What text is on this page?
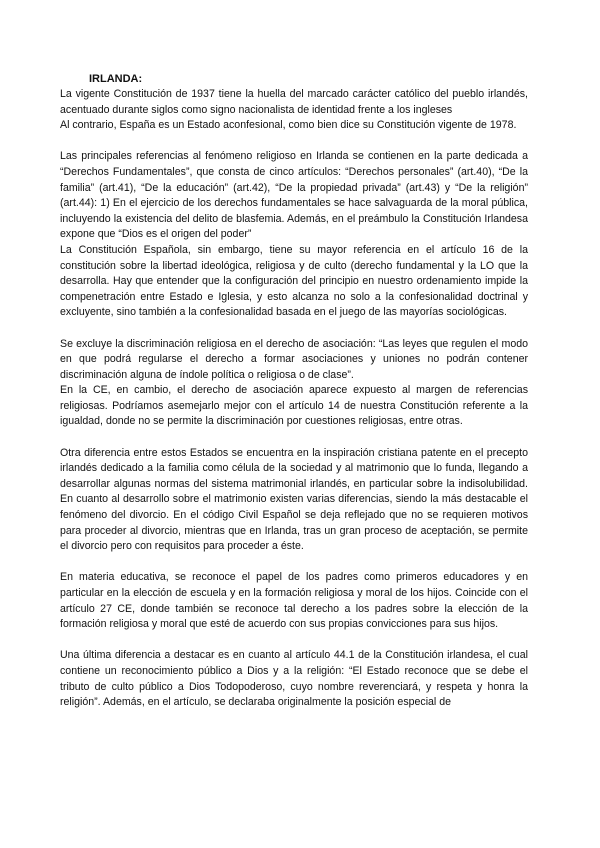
IRLANDA:

La vigente Constitución de 1937 tiene la huella del marcado carácter católico del pueblo irlandés, acentuado durante siglos como signo nacionalista de identidad frente a los ingleses

Al contrario, España es un Estado aconfesional, como bien dice su Constitución vigente de 1978.

Las principales referencias al fenómeno religioso en Irlanda se contienen en la parte dedicada a “Derechos Fundamentales”, que consta de cinco artículos: “Derechos personales” (art.40), “De la familia” (art.41), “De la educación” (art.42), “De la propiedad privada” (art.43) y “De la religión” (art.44): 1) En el ejercicio de los derechos fundamentales se hace salvaguarda de la moral pública, incluyendo la existencia del delito de blasfemia. Además, en el preámbulo la Constitución Irlandesa expone que “Dios es el origen del poder”

La Constitución Española, sin embargo, tiene su mayor referencia en el artículo 16 de la constitución sobre la libertad ideológica, religiosa y de culto (derecho fundamental y la LO que la desarrolla. Hay que entender que la configuración del principio en nuestro ordenamiento impide la compenetración entre Estado e Iglesia, y esto alcanza no solo a la confesionalidad doctrinal y excluyente, sino también a la confesionalidad basada en el juego de las mayorías sociológicas.

Se excluye la discriminación religiosa en el derecho de asociación: “Las leyes que regulen el modo en que podrá regularse el derecho a formar asociaciones y uniones no podrán contener discriminación alguna de índole política o religiosa o de clase”.

En la CE, en cambio, el derecho de asociación aparece expuesto al margen de referencias religiosas. Podríamos asemejarlo mejor con el artículo 14 de nuestra Constitución referente a la igualdad, donde no se permite la discriminación por cuestiones religiosas, entre otras.

Otra diferencia entre estos Estados se encuentra en la inspiración cristiana patente en el precepto irlandés dedicado a la familia como célula de la sociedad y al matrimonio que lo funda, llegando a desarrollar algunas normas del sistema matrimonial irlandés, en particular sobre la indisolubilidad. En cuanto al desarrollo sobre el matrimonio existen varias diferencias, siendo la más destacable el fenómeno del divorcio. En el código Civil Español se deja reflejado que no se requieren motivos para proceder al divorcio, mientras que en Irlanda, tras un gran proceso de aceptación, se permite el divorcio pero con requisitos para proceder a éste.

En materia educativa, se reconoce el papel de los padres como primeros educadores y en particular en la elección de escuela y en la formación religiosa y moral de los hijos. Coincide con el artículo 27 CE, donde también se reconoce tal derecho a los padres sobre la elección de la formación religiosa y moral que esté de acuerdo con sus propias convicciones para sus hijos.

Una última diferencia a destacar es en cuanto al artículo 44.1 de la Constitución irlandesa, el cual contiene un reconocimiento público a Dios y a la religión: “El Estado reconoce que se debe el tributo de culto público a Dios Todopoderoso, cuyo nombre reverenciará, y respeta y honra la religión”. Además, en el artículo, se declaraba originalmente la posición especial de
